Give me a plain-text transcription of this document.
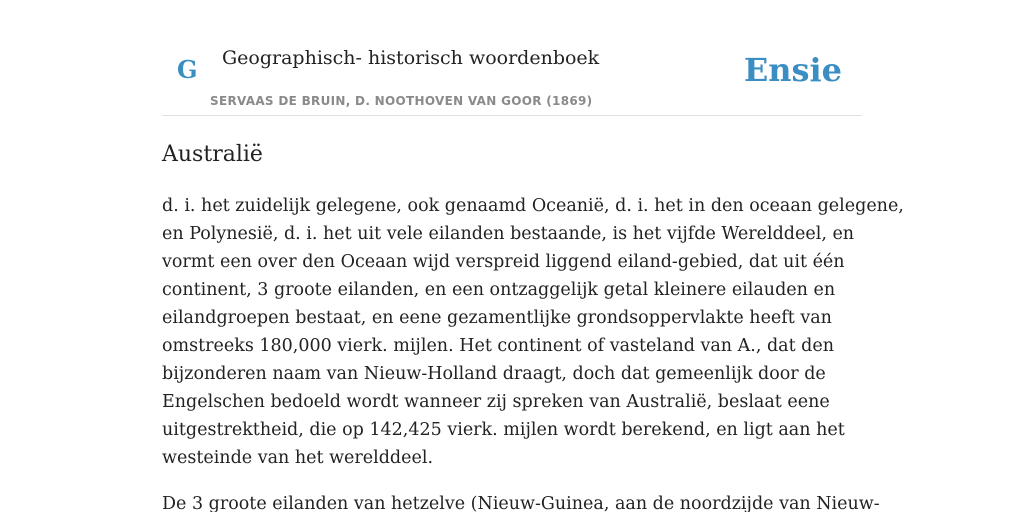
G Geographisch- historisch woordenboek
SERVAAS DE BRUIN, D. NOOTHOVEN VAN GOOR (1869)
Ensie
Australië

d. i. het zuidelijk gelegene, ook genaamd Oceanië, d. i. het in den oceaan gelegene,
en Polynesië, d. i. het uit vele eilanden bestaande, is het vijfde Werelddeel, en
vormt een over den Oceaan wijd verspreid liggend eiland-gebied, dat uit één
continent, 3 groote eilanden, en een ontzaggelijk getal kleinere eilauden en
eilandgroepen bestaat, en eene gezamentlijke grondsoppervlakte heeft van
omstreeks 180,000 vierk. mijlen. Het continent of vasteland van A., dat den
bijzonderen naam van Nieuw-Holland draagt, doch dat gemeenlijk door de
Engelschen bedoeld wordt wanneer zij spreken van Australië, beslaat eene
uitgestrektheid, die op 142,425 vierk. mijlen wordt berekend, en ligt aan het
westeinde van het werelddeel.

De 3 groote eilanden van hetzelve (Nieuw-Guinea, aan de noordzijde van Nieuw-
